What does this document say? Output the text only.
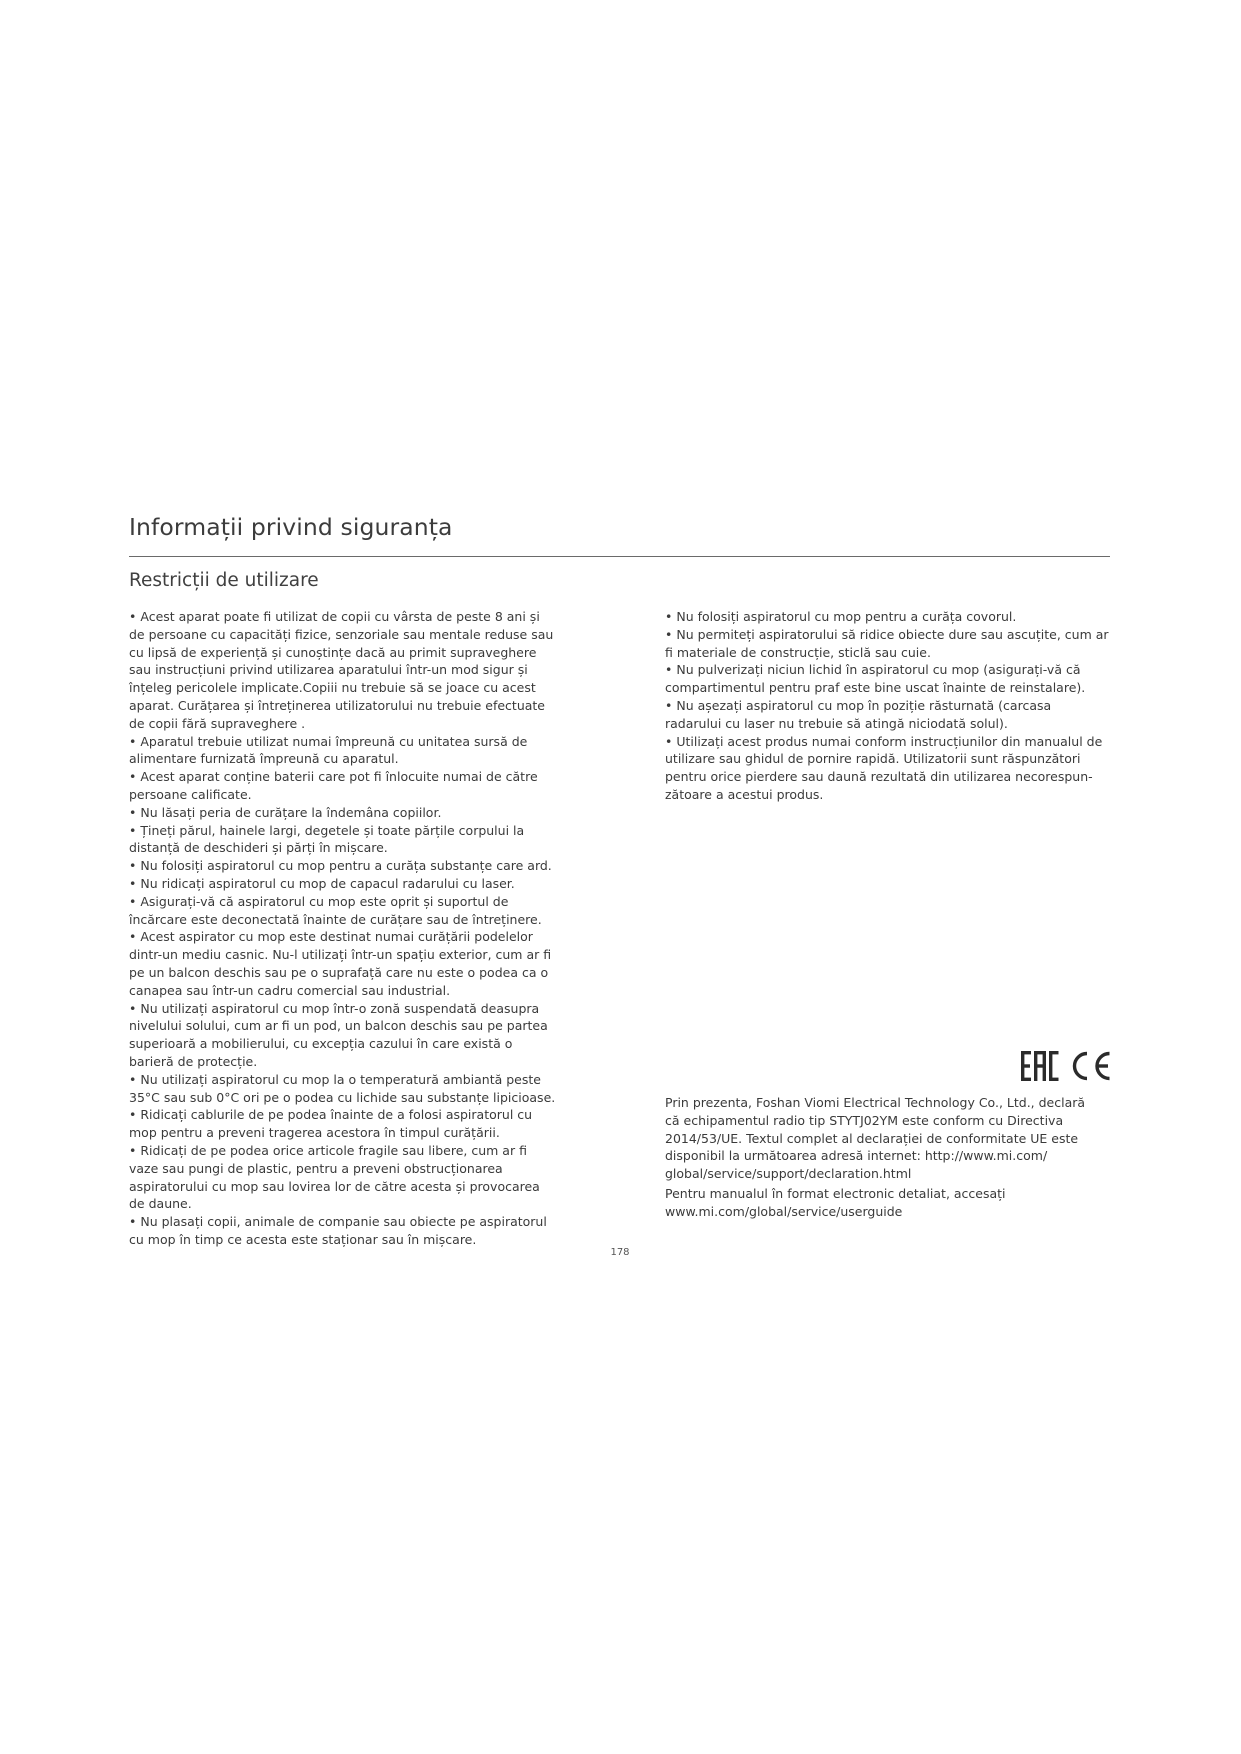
Informații privind siguranța
Restricții de utilizare

• Acest aparat poate fi utilizat de copii cu vârsta de peste 8 ani și de persoane cu capacități fizice, senzoriale sau mentale reduse sau cu lipsă de experiență și cunoștințe dacă au primit supraveghere sau instrucțiuni privind utilizarea aparatului într-un mod sigur și înțeleg pericolele implicate.Copiii nu trebuie să se joace cu acest aparat. Curățarea și întreținerea utilizatorului nu trebuie efectuate de copii fără supraveghere .

• Aparatul trebuie utilizat numai împreună cu unitatea sursă de alimentare furnizată împreună cu aparatul.

• Acest aparat conține baterii care pot fi înlocuite numai de către persoane calificate.

• Nu lăsați peria de curățare la îndemâna copiilor.

• Țineți părul, hainele largi, degetele și toate părțile corpului la distanță de deschideri și părți în mișcare.

• Nu folosiți aspiratorul cu mop pentru a curăța substanțe care ard.

• Nu ridicați aspiratorul cu mop de capacul radarului cu laser.

• Asigurați-vă că aspiratorul cu mop este oprit și suportul de încărcare este deconectată înainte de curățare sau de întreținere.

• Acest aspirator cu mop este destinat numai curățării podelelor dintr-un mediu casnic. Nu-l utilizați într-un spațiu exterior, cum ar fi pe un balcon deschis sau pe o suprafață care nu este o podea ca o canapea sau într-un cadru comercial sau industrial.

• Nu utilizați aspiratorul cu mop într-o zonă suspendată deasupra nivelului solului, cum ar fi un pod, un balcon deschis sau pe partea superioară a mobilierului, cu excepția cazului în care există o barieră de protecție.

• Nu utilizați aspiratorul cu mop la o temperatură ambiantă peste 35°C sau sub 0°C ori pe o podea cu lichide sau substanțe lipicioase.

• Ridicați cablurile de pe podea înainte de a folosi aspiratorul cu mop pentru a preveni tragerea acestora în timpul curățării.

• Ridicați de pe podea orice articole fragile sau libere, cum ar fi vaze sau pungi de plastic, pentru a preveni obstrucționarea aspiratorului cu mop sau lovirea lor de către acesta și provocarea de daune.

• Nu plasați copii, animale de companie sau obiecte pe aspiratorul cu mop în timp ce acesta este staționar sau în mișcare.

• Nu folosiți aspiratorul cu mop pentru a curăța covorul.

• Nu permiteți aspiratorului să ridice obiecte dure sau ascuțite, cum ar fi materiale de construcție, sticlă sau cuie.

• Nu pulverizați niciun lichid în aspiratorul cu mop (asigurați-vă că compartimentul pentru praf este bine uscat înainte de reinstalare).

• Nu așezați aspiratorul cu mop în poziție răsturnată (carcasa radarului cu laser nu trebuie să atingă niciodată solul).

• Utilizați acest produs numai conform instrucțiunilor din manualul de utilizare sau ghidul de pornire rapidă. Utilizatorii sunt răspunzători pentru orice pierdere sau daună rezultată din utilizarea necorespun-zătoare a acestui produs.

Prin prezenta, Foshan Viomi Electrical Technology Co., Ltd., declară
că echipamentul radio tip STYTJ02YM este conform cu Directiva
2014/53/UE. Textul complet al declarației de conformitate UE este
disponibil la următoarea adresă internet: http://www.mi.com/
global/service/support/declaration.html

Pentru manualul în format electronic detaliat, accesați
www.mi.com/global/service/userguide

178
